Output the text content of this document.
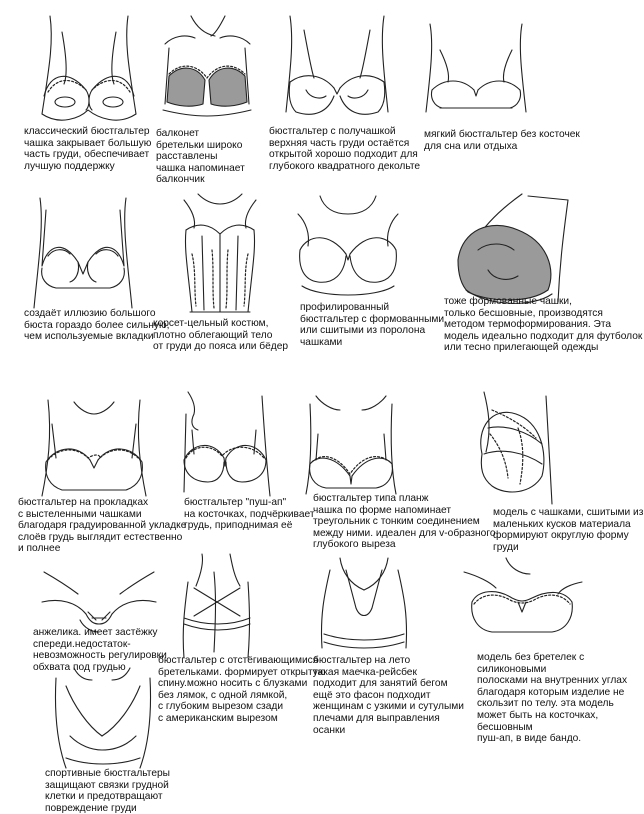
классический бюстгальтер
чашка закрывает большую
часть груди, обеспечивает
лучшую поддержку
балконет
бретельки широко
расставлены
чашка напоминает
балкончик
бюстгальтер с получашкой
верхняя часть груди остаётся
открытой хорошо подходит для
глубокого квадратного декольте
мягкий бюстгальтер без косточек
для сна или отдыха
создаёт иллюзию большого
бюста гораздо более сильную,
чем используемые вкладки
корсет-цельный костюм,
плотно облегающий тело
от груди до пояса или бёдер
профилированный
бюстгальтер с формованными
или сшитыми из поролона
чашками
тоже формованные чашки,
только бесшовные, производятся
методом термоформирования. Эта
модель идеально подходит для футболок
или тесно прилегающей одежды
бюстгальтер на прокладках
с выстеленными чашками
благодаря градуированной укладке
слоёв грудь выглядит естественно
и полнее
бюстгальтер "пуш-ап"
на косточках, подчёркивает
грудь, приподнимая её
бюстгальтер типа планж
чашка по форме напоминает
треугольник с тонким соединением
между ними. идеален для v-образного
глубокого выреза
модель с чашками, сшитыми из
маленьких кусков материала
формируют округлую форму
груди
анжелика. имеет застёжку
спереди.недостаток-
невозможность регулировки
обхвата под грудью
бюстгальтер с отстёгивающимися
бретельками. формирует открытую
спину.можно носить с блузками
без лямок, с одной лямкой,
с глубоким вырезом сзади
с американским вырезом
бюстгальтер на лето
такая маечка-рейсбек
подходит для занятий бегом
ещё это фасон подходит
женщинам с узкими и сутулыми
плечами для выправления
осанки
модель без бретелек с силиконовыми
полосками на внутренних углах
благодаря которым изделие не
скользит по телу. эта модель
может быть на косточках, бесшовным
пуш-ап, в виде бандо.
спортивные бюстгальтеры
защищают связки грудной
клетки и предотвращают
повреждение груди
